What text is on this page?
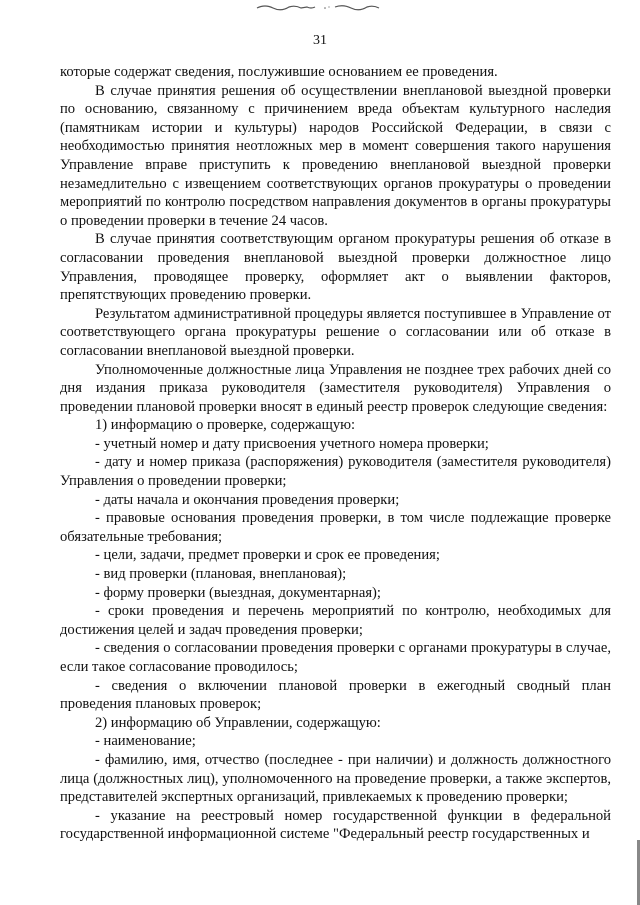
31

которые содержат сведения, послужившие основанием ее проведения.

В случае принятия решения об осуществлении внеплановой выездной проверки по основанию, связанному с причинением вреда объектам культурного наследия (памятникам истории и культуры) народов Российской Федерации, в связи с необходимостью принятия неотложных мер в момент совершения такого нарушения Управление вправе приступить к проведению внеплановой выездной проверки незамедлительно с извещением соответствующих органов прокуратуры о проведении мероприятий по контролю посредством направления документов в органы прокуратуры о проведении проверки в течение 24 часов.

В случае принятия соответствующим органом прокуратуры решения об отказе в согласовании проведения внеплановой выездной проверки должностное лицо Управления, проводящее проверку, оформляет акт о выявлении факторов, препятствующих проведению проверки.

Результатом административной процедуры является поступившее в Управление от соответствующего органа прокуратуры решение о согласовании или об отказе в согласовании внеплановой выездной проверки.

Уполномоченные должностные лица Управления не позднее трех рабочих дней со дня издания приказа руководителя (заместителя руководителя) Управления о проведении плановой проверки вносят в единый реестр проверок следующие сведения:

1) информацию о проверке, содержащую:

- учетный номер и дату присвоения учетного номера проверки;

- дату и номер приказа (распоряжения) руководителя (заместителя руководителя) Управления о проведении проверки;

- даты начала и окончания проведения проверки;

- правовые основания проведения проверки, в том числе подлежащие проверке обязательные требования;

- цели, задачи, предмет проверки и срок ее проведения;

- вид проверки (плановая, внеплановая);

- форму проверки (выездная, документарная);

- сроки проведения и перечень мероприятий по контролю, необходимых для достижения целей и задач проведения проверки;

- сведения о согласовании проведения проверки с органами прокуратуры в случае, если такое согласование проводилось;

- сведения о включении плановой проверки в ежегодный сводный план проведения плановых проверок;

2) информацию об Управлении, содержащую:

- наименование;

- фамилию, имя, отчество (последнее - при наличии) и должность должностного лица (должностных лиц), уполномоченного на проведение проверки, а также экспертов, представителей экспертных организаций, привлекаемых к проведению проверки;

- указание на реестровый номер государственной функции в федеральной государственной информационной системе "Федеральный реестр государственных и
